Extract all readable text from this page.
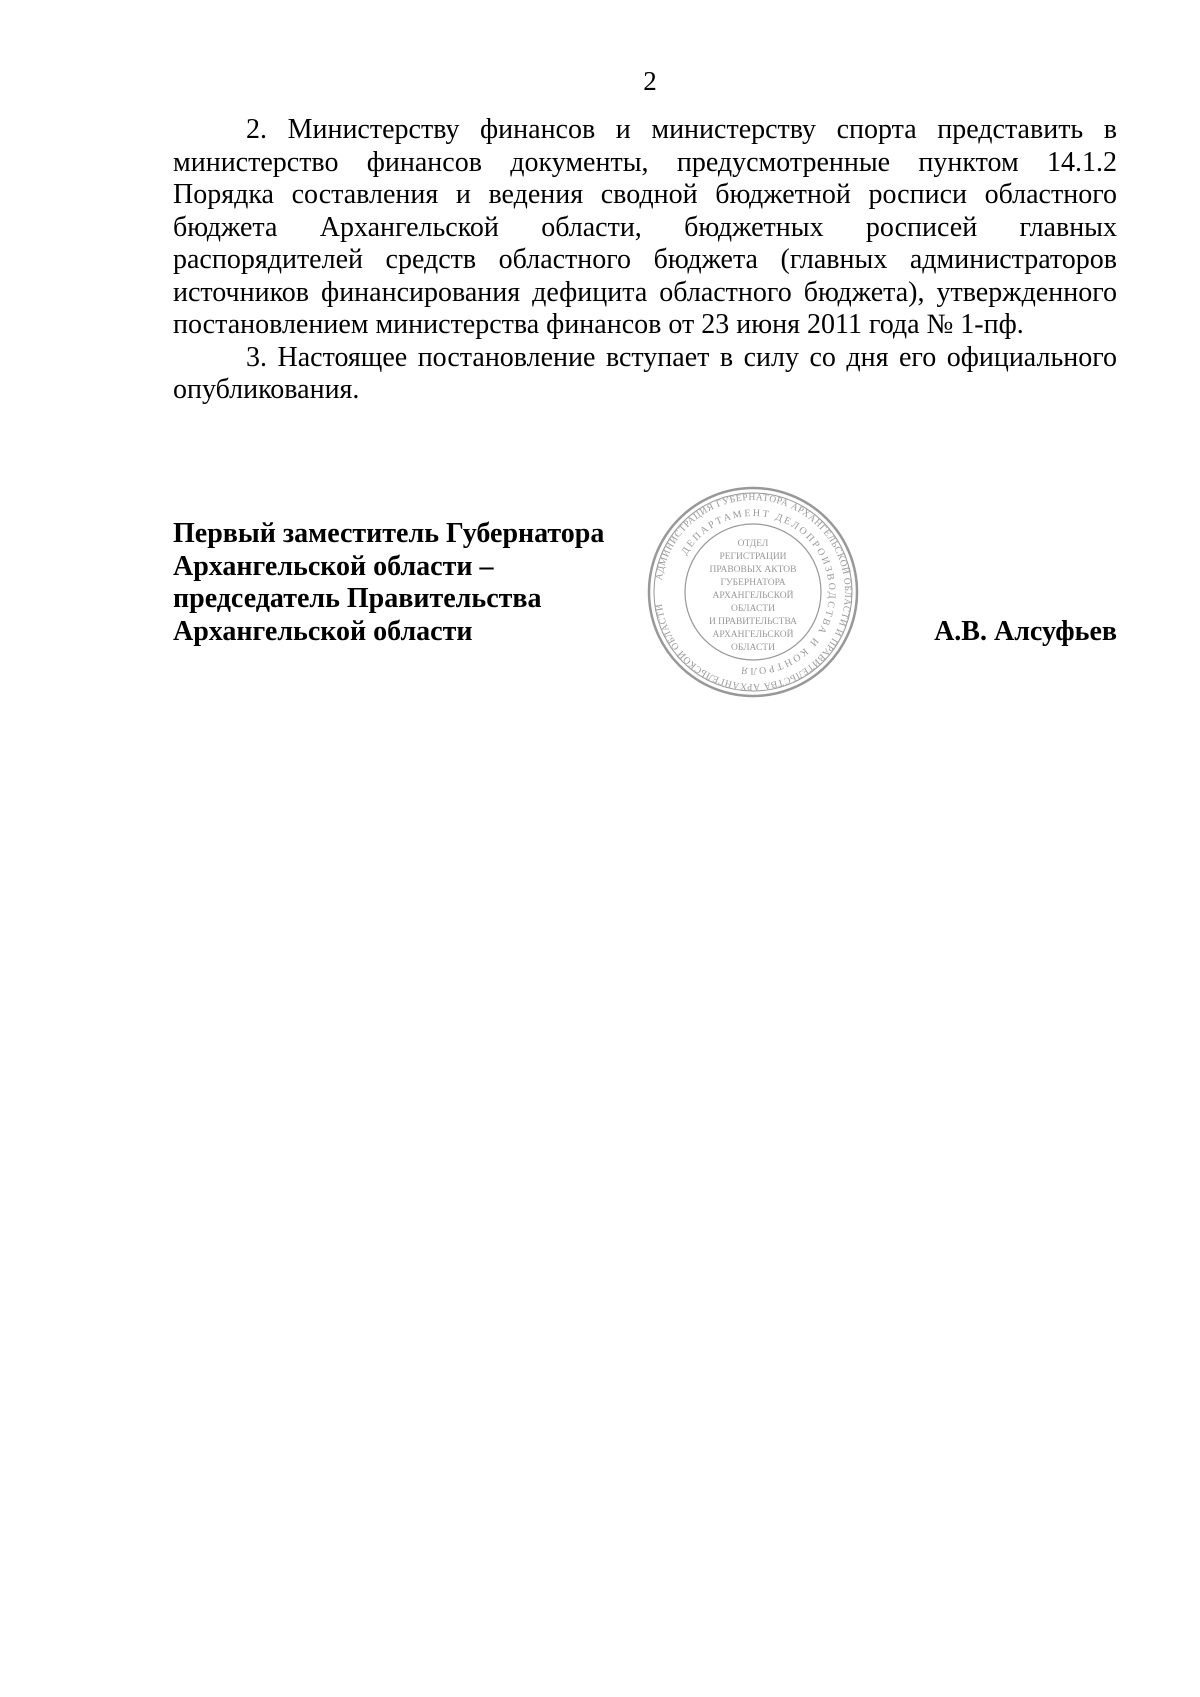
2

2. Министерству финансов и министерству спорта представить в министерство финансов документы, предусмотренные пунктом 14.1.2 Порядка составления и ведения сводной бюджетной росписи областного бюджета Архангельской области, бюджетных росписей главных распорядителей средств областного бюджета (главных администраторов источников финансирования дефицита областного бюджета), утвержденного постановлением министерства финансов от 23 июня 2011 года № 1-пф.

3. Настоящее постановление вступает в силу со дня его официального опубликования.

Первый заместитель Губернатора
Архангельской области –
председатель Правительства
Архангельской области
АДМИНИСТРАЦИЯ ГУБЕРНАТОРА АРХАНГЕЛЬСКОЙ ОБЛАСТИ И ПРАВИТЕЛЬСТВА АРХАНГЕЛЬСКОЙ ОБЛАСТИ
ДЕПАРТАМЕНТ ДЕЛОПРОИЗВОДСТВА И КОНТРОЛЯ
ОТДЕЛ
РЕГИСТРАЦИИ
ПРАВОВЫХ АКТОВ
ГУБЕРНАТОРА
АРХАНГЕЛЬСКОЙ
ОБЛАСТИ
И ПРАВИТЕЛЬСТВА
АРХАНГЕЛЬСКОЙ
ОБЛАСТИ
А.В. Алсуфьев
